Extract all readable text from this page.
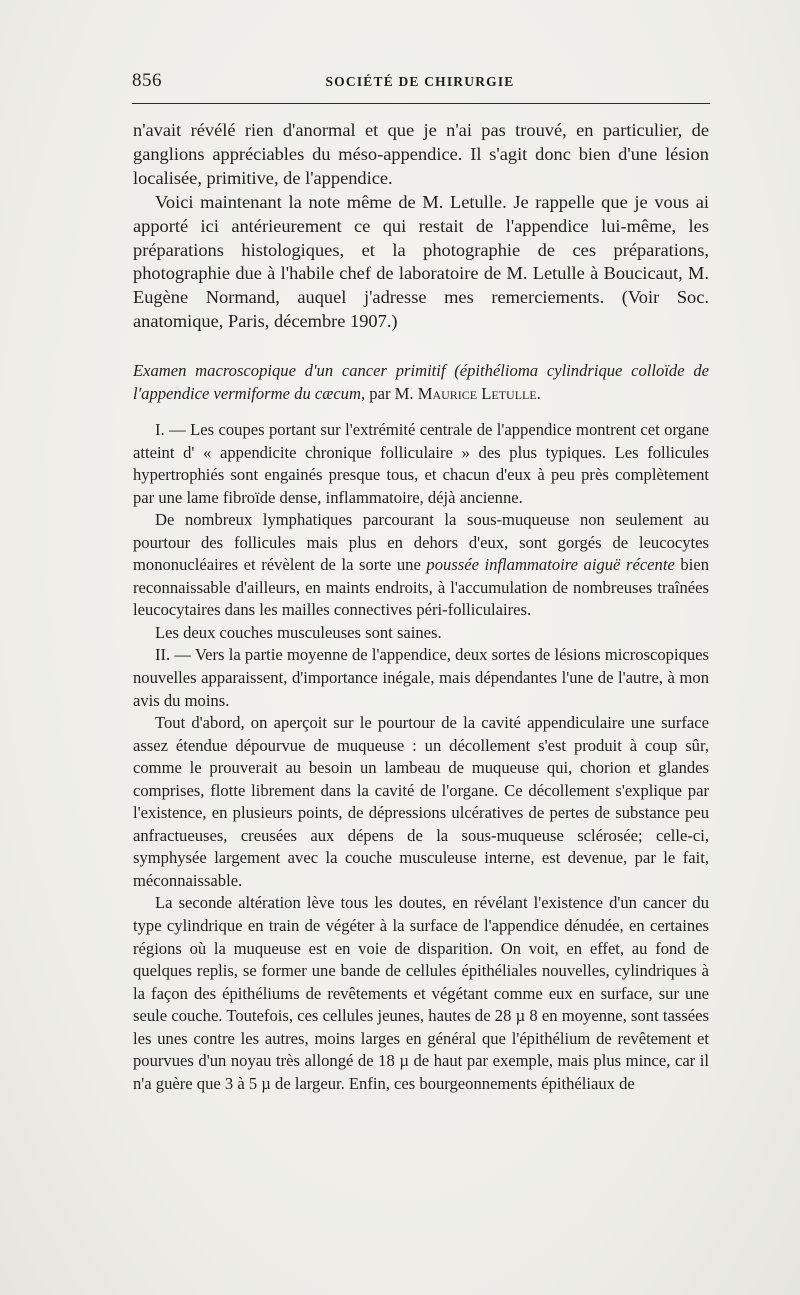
856	SOCIÉTÉ DE CHIRURGIE

n'avait révélé rien d'anormal et que je n'ai pas trouvé, en particulier, de ganglions appréciables du méso-appendice. Il s'agit donc bien d'une lésion localisée, primitive, de l'appendice.

Voici maintenant la note même de M. Letulle. Je rappelle que je vous ai apporté ici antérieurement ce qui restait de l'appendice lui-même, les préparations histologiques, et la photographie de ces préparations, photographie due à l'habile chef de laboratoire de M. Letulle à Boucicaut, M. Eugène Normand, auquel j'adresse mes remerciements. (Voir Soc. anatomique, Paris, décembre 1907.)

Examen macroscopique d'un cancer primitif (épithélioma cylindrique colloïde de l'appendice vermiforme du cæcum, par M. Maurice Letulle.

I. — Les coupes portant sur l'extrémité centrale de l'appendice montrent cet organe atteint d' « appendicite chronique folliculaire » des plus typiques. Les follicules hypertrophiés sont engainés presque tous, et chacun d'eux à peu près complètement par une lame fibroïde dense, inflammatoire, déjà ancienne.

De nombreux lymphatiques parcourant la sous-muqueuse non seulement au pourtour des follicules mais plus en dehors d'eux, sont gorgés de leucocytes mononucléaires et révèlent de la sorte une poussée inflammatoire aiguë récente bien reconnaissable d'ailleurs, en maints endroits, à l'accumulation de nombreuses traînées leucocytaires dans les mailles connectives péri-folliculaires.

Les deux couches musculeuses sont saines.

II. — Vers la partie moyenne de l'appendice, deux sortes de lésions microscopiques nouvelles apparaissent, d'importance inégale, mais dépendantes l'une de l'autre, à mon avis du moins.

Tout d'abord, on aperçoit sur le pourtour de la cavité appendiculaire une surface assez étendue dépourvue de muqueuse : un décollement s'est produit à coup sûr, comme le prouverait au besoin un lambeau de muqueuse qui, chorion et glandes comprises, flotte librement dans la cavité de l'organe. Ce décollement s'explique par l'existence, en plusieurs points, de dépressions ulcératives de pertes de substance peu anfractueuses, creusées aux dépens de la sous-muqueuse sclérosée; celle-ci, symphysée largement avec la couche musculeuse interne, est devenue, par le fait, méconnaissable.

La seconde altération lève tous les doutes, en révélant l'existence d'un cancer du type cylindrique en train de végéter à la surface de l'appendice dénudée, en certaines régions où la muqueuse est en voie de disparition. On voit, en effet, au fond de quelques replis, se former une bande de cellules épithéliales nouvelles, cylindriques à la façon des épithéliums de revêtements et végétant comme eux en surface, sur une seule couche. Toutefois, ces cellules jeunes, hautes de 28 µ 8 en moyenne, sont tassées les unes contre les autres, moins larges en général que l'épithélium de revêtement et pourvues d'un noyau très allongé de 18 µ de haut par exemple, mais plus mince, car il n'a guère que 3 à 5 µ de largeur. Enfin, ces bourgeonnements épithéliaux de
